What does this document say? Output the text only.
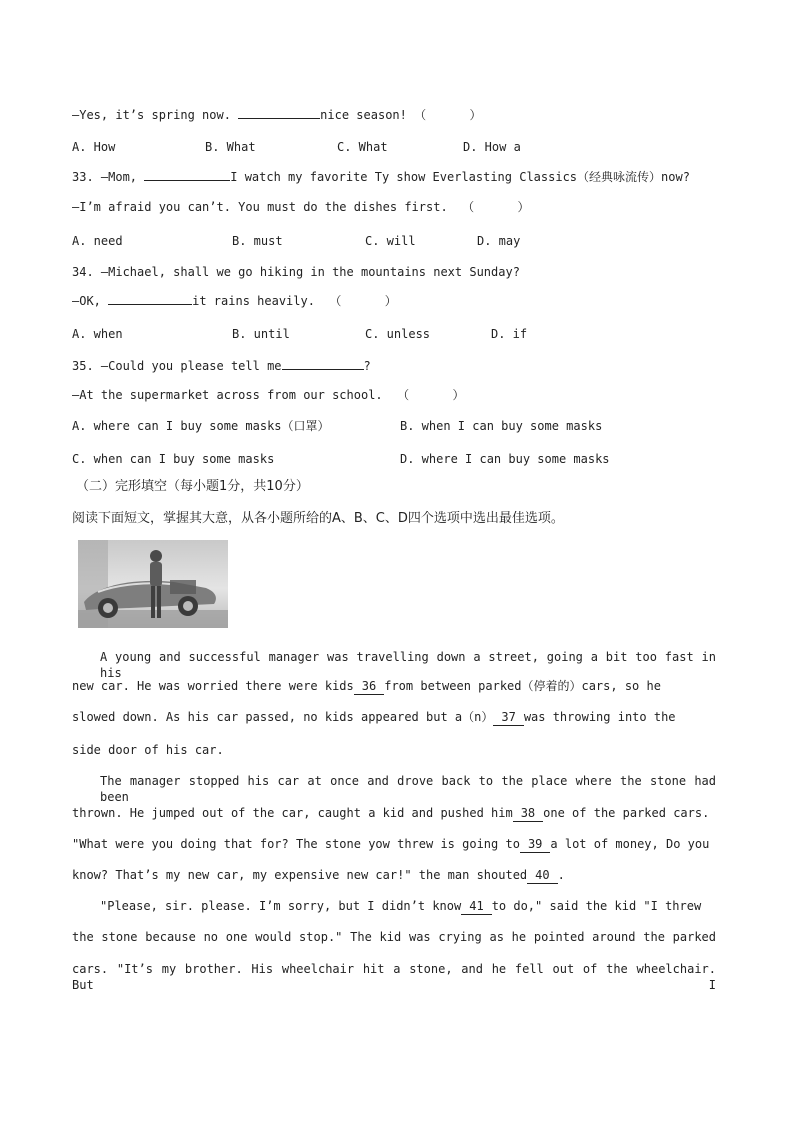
—Yes, it’s spring now.	nice season! （      ）
A. How	B. What	C. What	D. How a
33. —Mom,	I watch my favorite Ty show Everlasting Classics（经典咏流传）now?
—I’m afraid you can’t. You must do the dishes first.  （      ）
A. need	B. must	C. will	D. may
34. —Michael, shall we go hiking in the mountains next Sunday?
—OK,	it rains heavily.  （      ）
A. when	B. until	C. unless	D. if
35. —Could you please tell me	?
—At the supermarket across from our school.  （      ）
A. where can I buy some masks（口罩）	B. when I can buy some masks
C. when can I buy some masks	D. where I can buy some masks
（二）完形填空（每小题1分，共10分）
阅读下面短文，掌握其大意，从各小题所给的A、B、C、D四个选项中选出最佳选项。
A young and successful manager was travelling down a street, going a bit too fast in his
new car. He was worried there were kids 36 from between parked（停着的）cars, so he
slowed down. As his car passed, no kids appeared but a（n） 37 was throwing into the
side door of his car.
The manager stopped his car at once and drove back to the place where the stone had been
thrown. He jumped out of the car, caught a kid and pushed him 38 one of the parked cars.
"What were you doing that for? The stone yow threw is going to 39 a lot of money, Do you
know? That’s my new car, my expensive new car!" the man shouted 40 .
"Please, sir. please. I’m sorry, but I didn’t know 41 to do," said the kid "I threw
the stone because no one would stop." The kid was crying as he pointed around the parked
cars. "It’s my brother. His wheelchair hit a stone, and he fell out of the wheelchair. But I
